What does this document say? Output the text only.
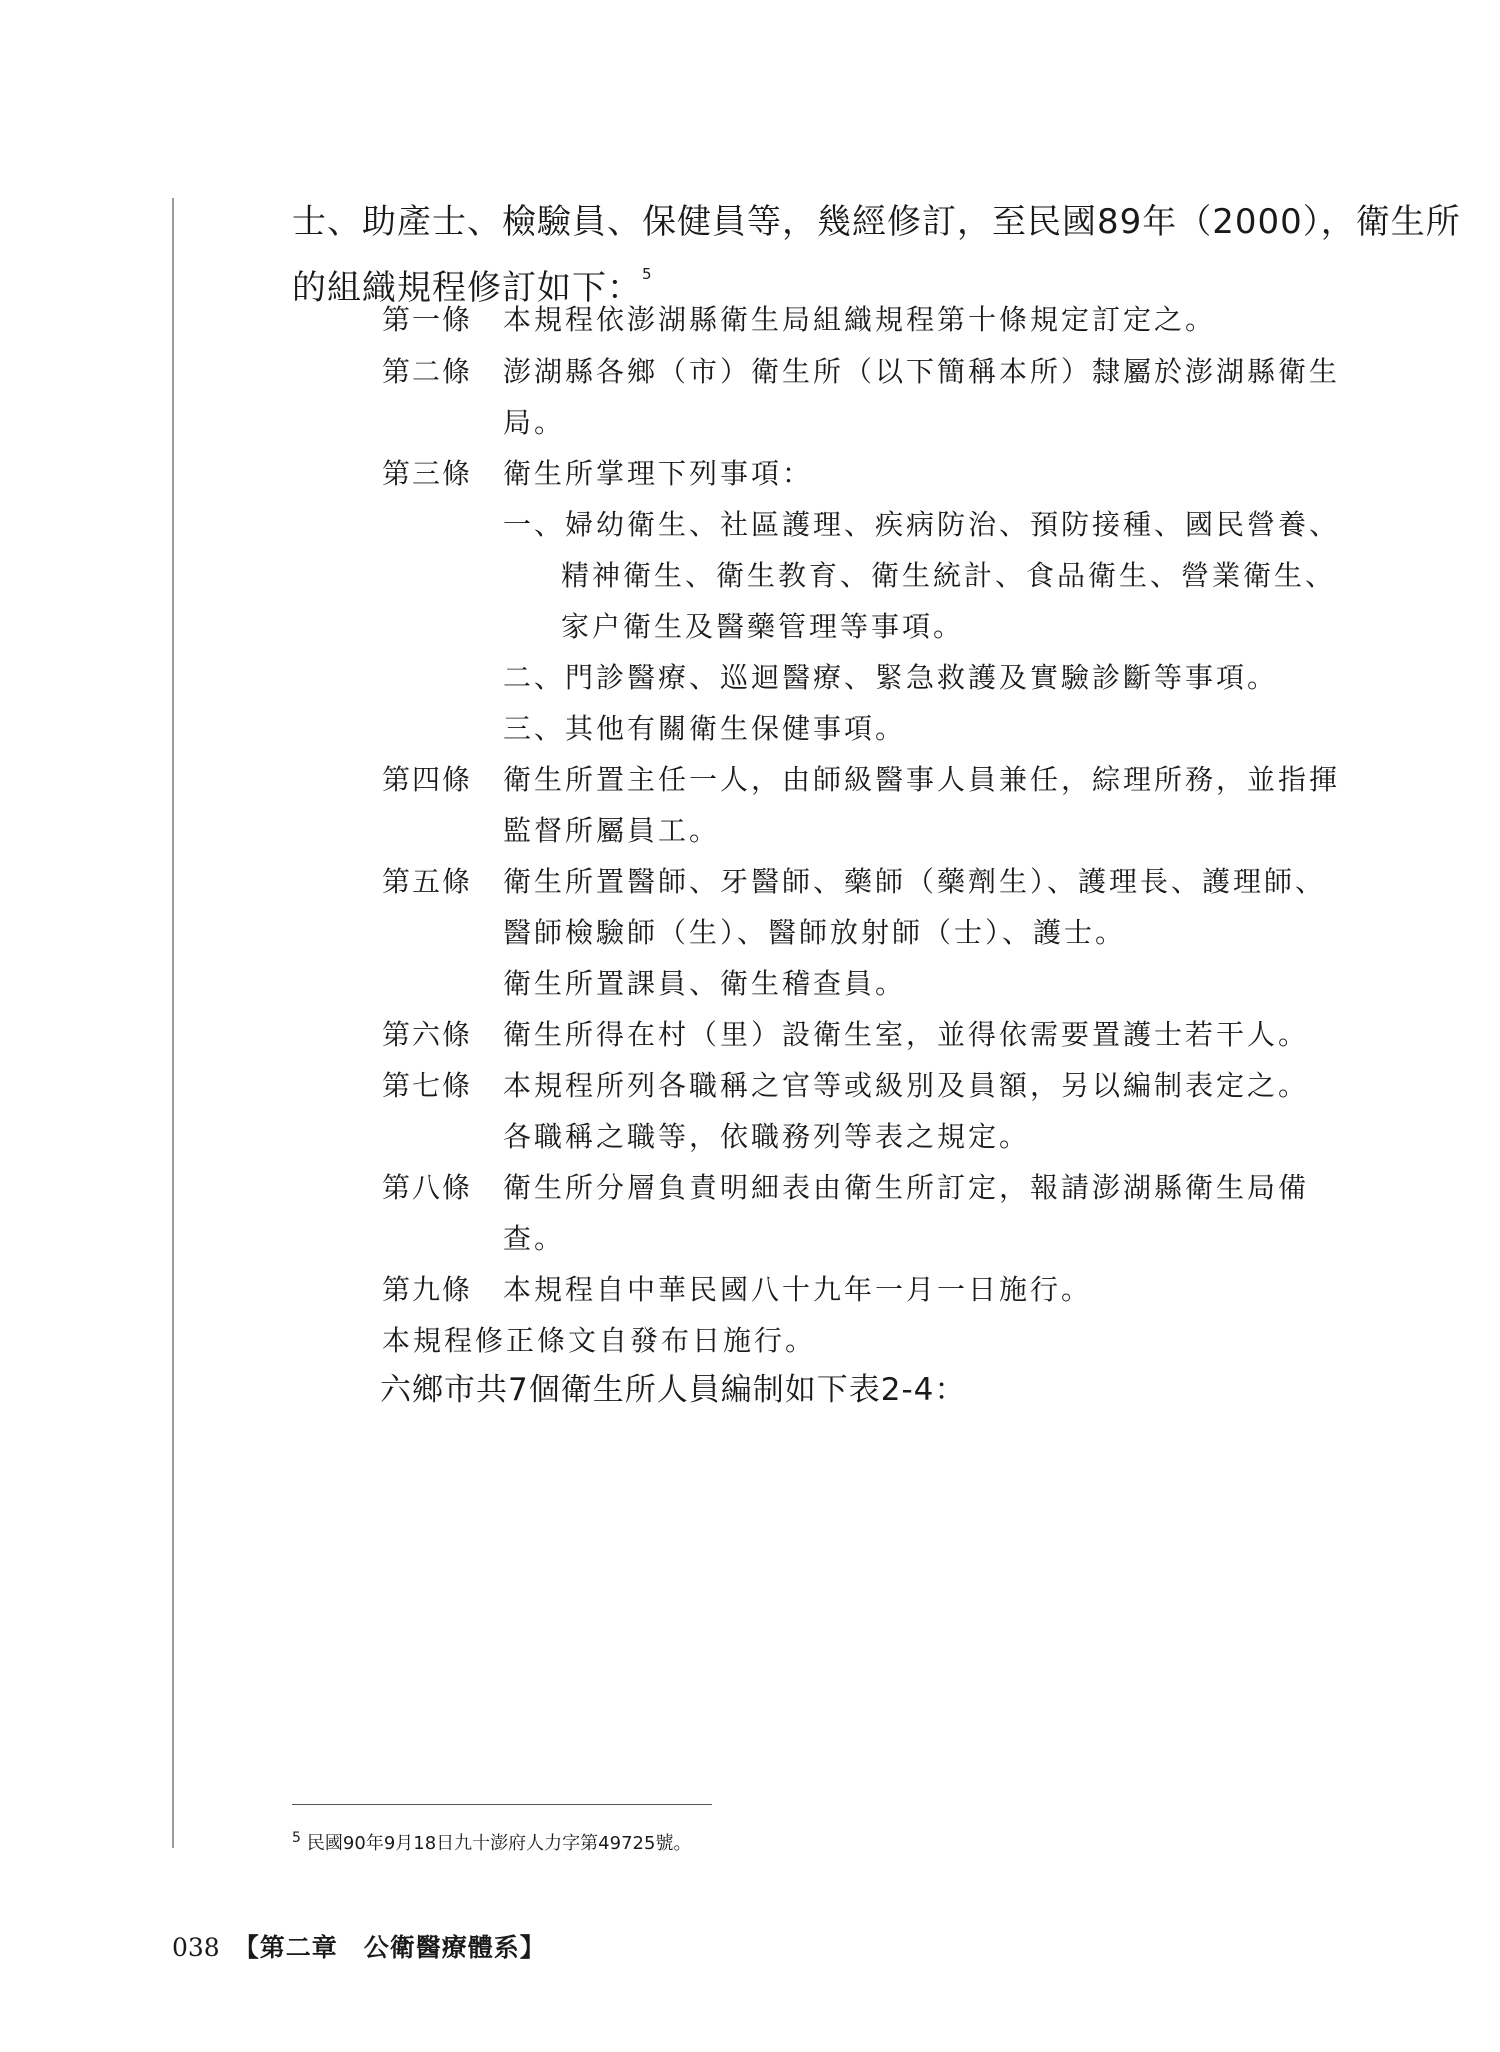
士、助產士、檢驗員、保健員等，幾經修訂，至民國89年（2000），衛生所
的組織規程修訂如下：$^5$
第一條 本規程依澎湖縣衛生局組織規程第十條規定訂定之。
第二條 澎湖縣各鄉（市）衛生所（以下簡稱本所）隸屬於澎湖縣衛生
局。
第三條 衛生所掌理下列事項：
一、婦幼衛生、社區護理、疾病防治、預防接種、國民營養、
精神衛生、衛生教育、衛生統計、食品衛生、營業衛生、
家户衛生及醫藥管理等事項。
二、門診醫療、巡迴醫療、緊急救護及實驗診斷等事項。
三、其他有關衛生保健事項。
第四條 衛生所置主任一人，由師級醫事人員兼任，綜理所務，並指揮
監督所屬員工。
第五條 衛生所置醫師、牙醫師、藥師（藥劑生）、護理長、護理師、
醫師檢驗師（生）、醫師放射師（士）、護士。
衛生所置課員、衛生稽查員。
第六條 衛生所得在村（里）設衛生室，並得依需要置護士若干人。
第七條 本規程所列各職稱之官等或級別及員額，另以編制表定之。
各職稱之職等，依職務列等表之規定。
第八條 衛生所分層負責明細表由衛生所訂定，報請澎湖縣衛生局備
查。
第九條 本規程自中華民國八十九年一月一日施行。
本規程修正條文自發布日施行。
六鄉市共7個衛生所人員編制如下表2-4：
$^5$ 民國90年9月18日九十澎府人力字第49725號。
038 【第二章　公衛醫療體系】
